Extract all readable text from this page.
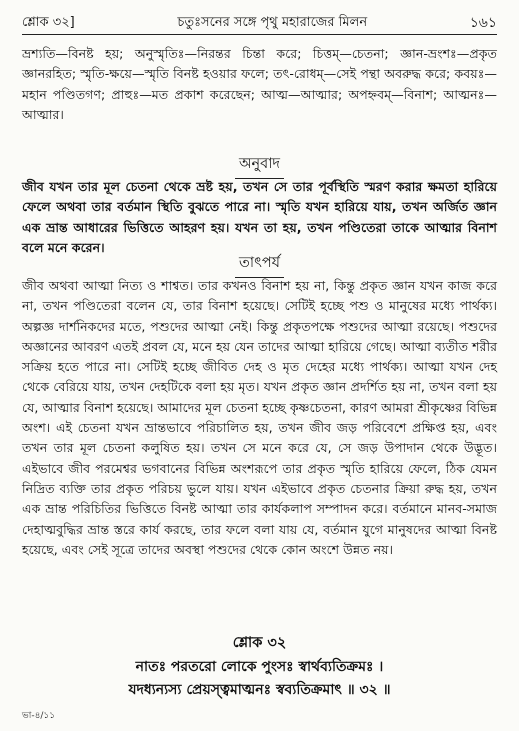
শ্লোক ৩২]	চতুঃসনের সঙ্গে পৃথু মহারাজের মিলন	১৬১
ভ্রশ্যতি—বিনষ্ট হয়; অনুস্মৃতিঃ—নিরন্তর চিন্তা করে; চিত্তম্—চেতনা; জ্ঞান-ভ্রংশঃ—প্রকৃত জ্ঞানরহিত; স্মৃতি-ক্ষয়ে—স্মৃতি বিনষ্ট হওয়ার ফলে; তৎ-রোধম্—সেই পন্থা অবরুদ্ধ করে; কবয়ঃ—মহান পণ্ডিতগণ; প্রাহুঃ—মত প্রকাশ করেছেন; আত্ম—আত্মার; অপহ্নবম্—বিনাশ; আত্মনঃ—আত্মার।
অনুবাদ
জীব যখন তার মূল চেতনা থেকে ভ্রষ্ট হয়, তখন সে তার পূর্বস্থিতি স্মরণ করার ক্ষমতা হারিয়ে ফেলে অথবা তার বর্তমান স্থিতি বুঝতে পারে না। স্মৃতি যখন হারিয়ে যায়, তখন অর্জিত জ্ঞান এক ভ্রান্ত আধারের ভিত্তিতে আহরণ হয়। যখন তা হয়, তখন পণ্ডিতেরা তাকে আত্মার বিনাশ বলে মনে করেন।
তাৎপর্য
জীব অথবা আত্মা নিত্য ও শাশ্বত। তার কখনও বিনাশ হয় না, কিন্তু প্রকৃত জ্ঞান যখন কাজ করে না, তখন পণ্ডিতেরা বলেন যে, তার বিনাশ হয়েছে। সেটিই হচ্ছে পশু ও মানুষের মধ্যে পার্থক্য। অল্পজ্ঞ দার্শনিকদের মতে, পশুদের আত্মা নেই। কিন্তু প্রকৃতপক্ষে পশুদের আত্মা রয়েছে। পশুদের অজ্ঞানের আবরণ এতই প্রবল যে, মনে হয় যেন তাদের আত্মা হারিয়ে গেছে। আত্মা ব্যতীত শরীর সক্রিয় হতে পারে না। সেটিই হচ্ছে জীবিত দেহ ও মৃত দেহের মধ্যে পার্থক্য। আত্মা যখন দেহ থেকে বেরিয়ে যায়, তখন দেহটিকে বলা হয় মৃত। যখন প্রকৃত জ্ঞান প্রদর্শিত হয় না, তখন বলা হয় যে, আত্মার বিনাশ হয়েছে। আমাদের মূল চেতনা হচ্ছে কৃষ্ণচেতনা, কারণ আমরা শ্রীকৃষ্ণের বিভিন্ন অংশ। এই চেতনা যখন ভ্রান্তভাবে পরিচালিত হয়, তখন জীব জড় পরিবেশে প্রক্ষিপ্ত হয়, এবং তখন তার মূল চেতনা কলুষিত হয়। তখন সে মনে করে যে, সে জড় উপাদান থেকে উদ্ভূত। এইভাবে জীব পরমেশ্বর ভগবানের বিভিন্ন অংশরূপে তার প্রকৃত স্মৃতি হারিয়ে ফেলে, ঠিক যেমন নিদ্রিত ব্যক্তি তার প্রকৃত পরিচয় ভুলে যায়। যখন এইভাবে প্রকৃত চেতনার ক্রিয়া রুদ্ধ হয়, তখন এক ভ্রান্ত পরিচিতির ভিত্তিতে বিনষ্ট আত্মা তার কার্যকলাপ সম্পাদন করে। বর্তমানে মানব-সমাজ দেহাত্মবুদ্ধির ভ্রান্ত স্তরে কার্য করছে, তার ফলে বলা যায় যে, বর্তমান যুগে মানুষদের আত্মা বিনষ্ট হয়েছে, এবং সেই সূত্রে তাদের অবস্থা পশুদের থেকে কোন অংশে উন্নত নয়।
শ্লোক ৩২
নাতঃ পরতরো লোকে পুংসঃ স্বার্থব্যতিক্রমঃ ।
যদধ্যন্যস্য প্রেয়স্ত্বমাত্মনঃ স্বব্যতিক্রমাৎ ॥ ৩২ ॥
ভা-৪/১১
